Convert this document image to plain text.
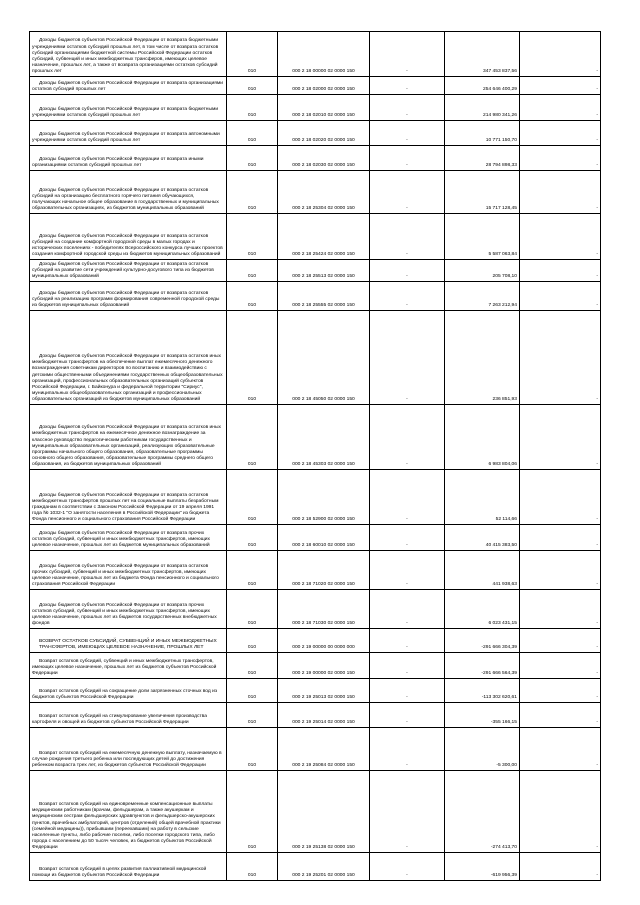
Доходы бюджетов субъектов Российской Федерации от возврата бюджетными учреждениями остатков субсидий прошлых лет, в том числе от возврата остатков субсидий организациями бюджетной системы Российской Федерации остатков субсидий, субвенций и иных межбюджетных трансферов, имеющих целевое назначение, прошлых лет, а также от возврата организациями остатков субсидий прошлых лет	010	000 2 18 00000 02 0000 150	-	347 453 837,56	-
Доходы бюджетов субъектов Российской Федерации от возврата организациями остатков субсидий прошлых лет	010	000 2 18 02000 02 0000 150	-	254 646 400,29	-
Доходы бюджетов субъектов Российской Федерации от возврата бюджетными учреждениями остатков субсидий прошлых лет	010	000 2 18 02010 02 0000 150	-	214 980 341,26	-
Доходы бюджетов субъектов Российской Федерации от возврата автономными учреждениями остатков субсидий прошлых лет	010	000 2 18 02020 02 0000 150	-	10 771 150,70	-
Доходы бюджетов субъектов Российской Федерации от возврата иными организациями остатков субсидий прошлых лет	010	000 2 18 02030 02 0000 150	-	28 794 898,33	-
Доходы бюджетов субъектов Российской Федерации от возврата остатков субсидий на организацию бесплатного горячего питания обучающихся, получающих начальное общее образование в государственных и муниципальных образовательных организациях, из бюджетов муниципальных образований	010	000 2 18 25304 02 0000 150	-	15 717 128,45	-
Доходы бюджетов субъектов Российской Федерации от возврата остатков субсидий на создание комфортной городской среды в малых городах и исторических поселениях - победителях Всероссийского конкурса лучших проектов создания комфортной городской среды из бюджетов муниципальных образований	010	000 2 18 25424 02 0000 150	-	5 587 063,84	-
Доходы бюджетов субъектов Российской Федерации от возврата остатков субсидий на развитие сети учреждений культурно-досугового типа из бюджетов муниципальных образований	010	000 2 18 25513 02 0000 150	-	205 708,10	-
Доходы бюджетов субъектов Российской Федерации от возврата остатков субсидий на реализацию программ формирования современной городской среды из бюджетов муниципальных образований	010	000 2 18 25555 02 0000 150	-	7 263 212,94	-
Доходы бюджетов субъектов Российской Федерации от возврата остатков иных межбюджетных трансфертов на обеспечение выплат ежемесячного денежного вознаграждения советникам директоров по воспитанию и взаимодействию с детскими общественными объединениями государственных общеобразовательных организаций, профессиональных образовательных организаций субъектов Российской Федерации, г. Байконура и федеральной территории "Сириус", муниципальных общеобразовательных организаций и профессиональных образовательных организаций из бюджетов муниципальных образований	010	000 2 18 45050 02 0000 150	-	236 851,93	-
Доходы бюджетов субъектов Российской Федерации от возврата остатков иных межбюджетных трансфертов на ежемесячное денежное вознаграждение за классное руководство педагогическим работникам государственных и муниципальных образовательных организаций, реализующих образовательные программы начального общего образования, образовательные программы основного общего образования, образовательные программы среднего общего образования, из бюджетов муниципальных образований	010	000 2 18 45303 02 0000 150	-	6 983 804,06	-
Доходы бюджетов субъектов Российской Федерации от возврата остатков межбюджетных трансфертов прошлых лет на социальные выплаты безработным гражданам в соответствии с Законом Российской Федерации от 19 апреля 1991 года № 1032-1 "О занятости населения в Российской Федерации" из бюджета Фонда пенсионного и социального страхования Российской Федерации	010	000 2 18 52900 02 0000 150	-	52 114,66	-
Доходы бюджетов субъектов Российской Федерации от возврата прочих остатков субсидий, субвенций и иных межбюджетных трансфертов, имеющих целевое назначение, прошлых лет из бюджетов муниципальных образований	010	000 2 18 60010 02 0000 150	-	40 415 383,50	-
Доходы бюджетов субъектов Российской Федерации от возврата остатков прочих субсидий, субвенций и иных межбюджетных трансфертов, имеющих целевое назначение, прошлых лет из бюджета Фонда пенсионного и социального страхования Российской Федерации	010	000 2 18 71020 02 0000 150	-	441 938,63	-
Доходы бюджетов субъектов Российской Федерации от возврата прочих остатков субсидий, субвенций и иных межбюджетных трансфертов, имеющих целевое назначение, прошлых лет из бюджетов государственных внебюджетных фондов	010	000 2 18 71030 02 0000 150	-	6 023 431,15	-
ВОЗВРАТ ОСТАТКОВ СУБСИДИЙ, СУБВЕНЦИЙ И ИНЫХ МЕЖБЮДЖЕТНЫХ ТРАНСФЕРТОВ, ИМЕЮЩИХ ЦЕЛЕВОЕ НАЗНАЧЕНИЕ, ПРОШЛЫХ ЛЕТ	010	000 2 19 00000 00 0000 000	-	-291 666 304,39	-
Возврат остатков субсидий, субвенций и иных межбюджетных трансфертов, имеющих целевое назначение, прошлых лет из бюджетов субъектов Российской Федерации	010	000 2 19 00000 02 0000 150	-	-291 666 564,39	-
Возврат остатков субсидий на сокращение доли загрязненных сточных вод из бюджетов субъектов Российской Федерации	010	000 2 19 25013 02 0000 150	-	-113 302 620,61	-
Возврат остатков субсидий на стимулирование увеличения производства картофеля и овощей из бюджетов субъектов Российской Федерации	010	000 2 19 25014 02 0000 150	-	-355 166,15	-
Возврат остатков субсидий на ежемесячную денежную выплату, назначаемую в случае рождения третьего ребенка или последующих детей до достижения ребенком возраста трех лет, из бюджетов субъектов Российской Федерации	010	000 2 19 25084 02 0000 150	-	-5 300,00	-
Возврат остатков субсидий на единовременные компенсационные выплаты медицинским работникам (врачам, фельдшерам, а также акушеркам и медицинским сестрам фельдшерских здравпунктов и фельдшерско-акушерских пунктов, врачебных амбулаторий, центров (отделений) общей врачебной практики (семейной медицины)), прибывшим (переехавшим) на работу в сельские населенные пункты, либо рабочие поселки, либо поселки городского типа, либо города с населением до 50 тысяч человек, из бюджетов субъектов Российской Федерации	010	000 2 19 25138 02 0000 150	-	-274 413,70	-
Возврат остатков субсидий в целях развития паллиативной медицинской помощи из бюджетов субъектов Российской Федерации	010	000 2 19 25201 02 0000 150	-	-619 956,39	-
